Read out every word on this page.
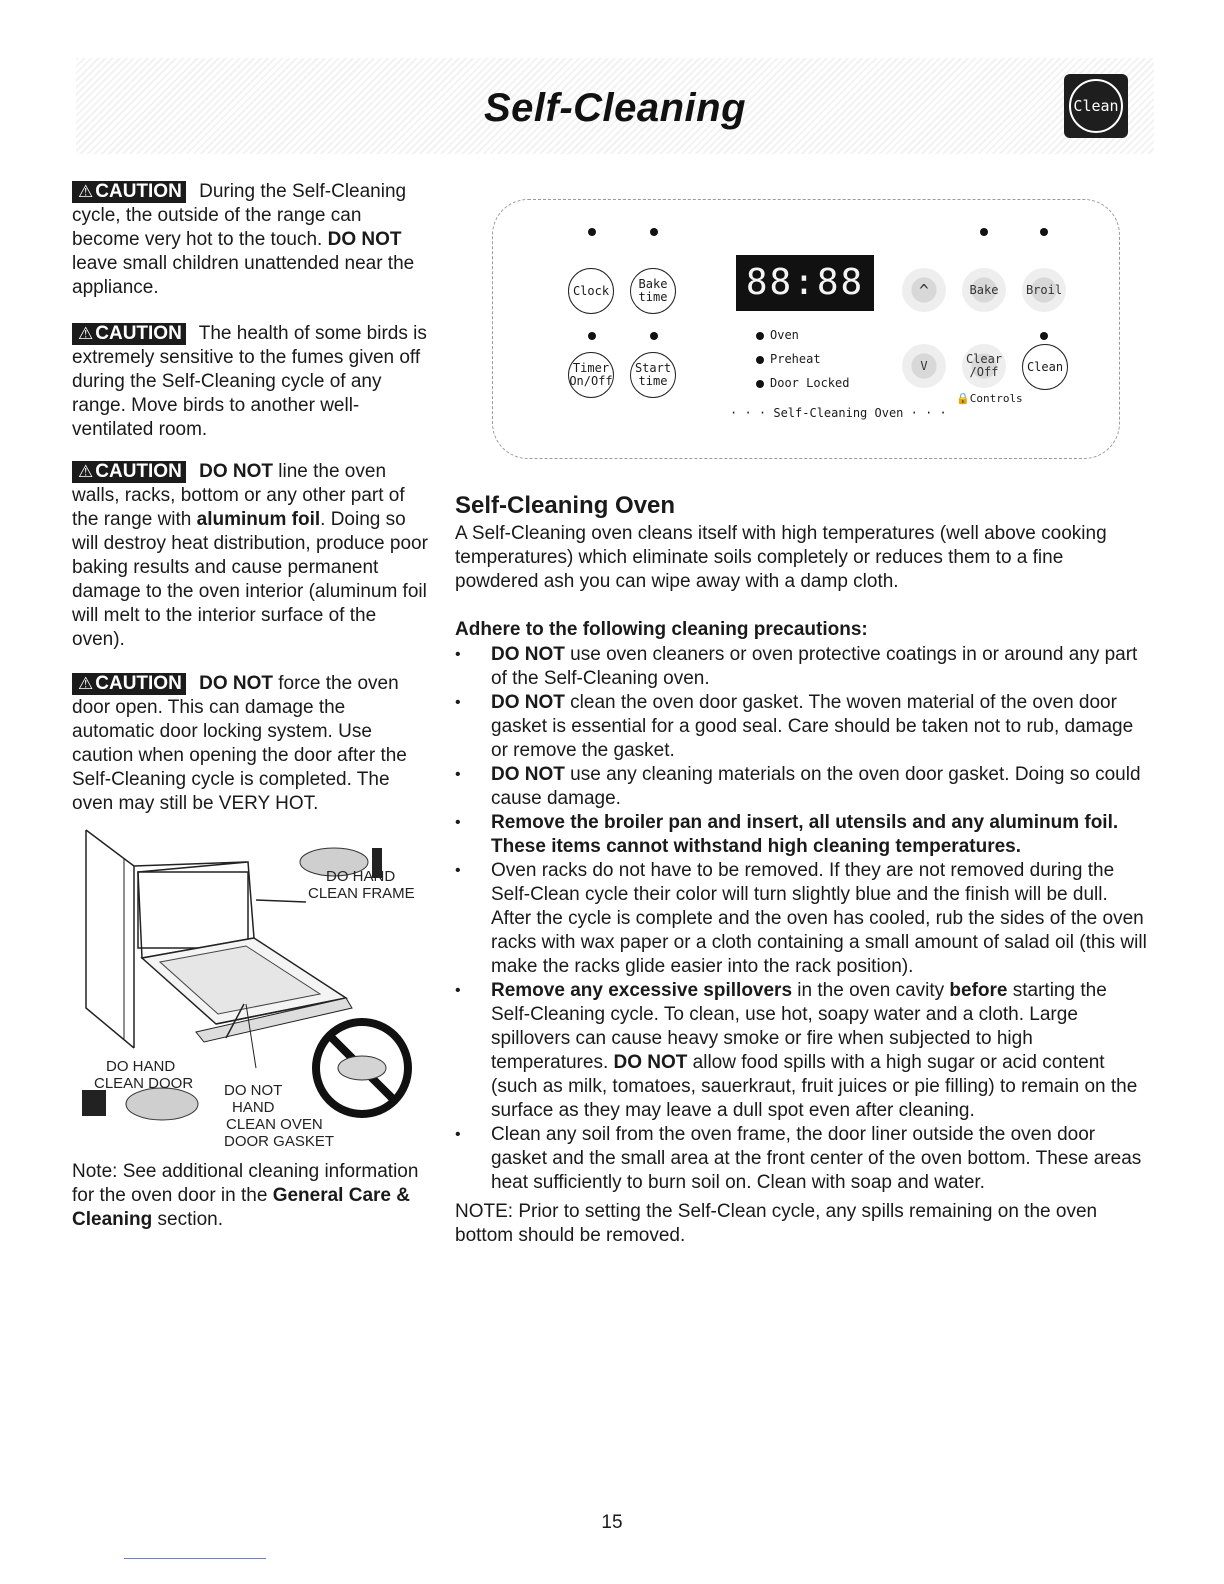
Self-Cleaning	Clean
⚠ CAUTION During the Self-Cleaning cycle, the outside of the range can become very hot to the touch. DO NOT leave small children unattended near the appliance.
⚠ CAUTION The health of some birds is extremely sensitive to the fumes given off during the Self-Cleaning cycle of any range. Move birds to another well-ventilated room.
⚠ CAUTION DO NOT line the oven walls, racks, bottom or any other part of the range with aluminum foil. Doing so will destroy heat distribution, produce poor baking results and cause permanent damage to the oven interior (aluminum foil will melt to the interior surface of the oven).
⚠ CAUTION DO NOT force the oven door open. This can damage the automatic door locking system. Use caution when opening the door after the Self-Cleaning cycle is completed. The oven may still be VERY HOT.
DO HAND
CLEAN FRAME
DO HAND
CLEAN DOOR DO NOT
HAND
CLEAN OVEN
DOOR GASKET
Note: See additional cleaning information for the oven door in the General Care & Cleaning section.
Clock Bake
time
Timer
On/Off
Start
time
88:88
Oven
Preheat
Door Locked
· · · Self-Cleaning Oven · · ·
^	Bake	Broil
V	Clear
/Off	Clean
🔒Controls
Self-Cleaning Oven
A Self-Cleaning oven cleans itself with high temperatures (well above cooking temperatures) which eliminate soils completely or reduces them to a fine powdered ash you can wipe away with a damp cloth.
Adhere to the following cleaning precautions:
• DO NOT use oven cleaners or oven protective coatings in or around any part of the Self-Cleaning oven.
• DO NOT clean the oven door gasket. The woven material of the oven door gasket is essential for a good seal. Care should be taken not to rub, damage or remove the gasket.
• DO NOT use any cleaning materials on the oven door gasket. Doing so could cause damage.
• Remove the broiler pan and insert, all utensils and any aluminum foil. These items cannot withstand high cleaning temperatures.
• Oven racks do not have to be removed. If they are not removed during the Self-Clean cycle their color will turn slightly blue and the finish will be dull. After the cycle is complete and the oven has cooled, rub the sides of the oven racks with wax paper or a cloth containing a small amount of salad oil (this will make the racks glide easier into the rack position).
• Remove any excessive spillovers in the oven cavity before starting the Self-Cleaning cycle. To clean, use hot, soapy water and a cloth. Large spillovers can cause heavy smoke or fire when subjected to high temperatures. DO NOT allow food spills with a high sugar or acid content (such as milk, tomatoes, sauerkraut, fruit juices or pie filling) to remain on the surface as they may leave a dull spot even after cleaning.
• Clean any soil from the oven frame, the door liner outside the oven door gasket and the small area at the front center of the oven bottom. These areas heat sufficiently to burn soil on. Clean with soap and water.
NOTE: Prior to setting the Self-Clean cycle, any spills remaining on the oven bottom should be removed.
15
